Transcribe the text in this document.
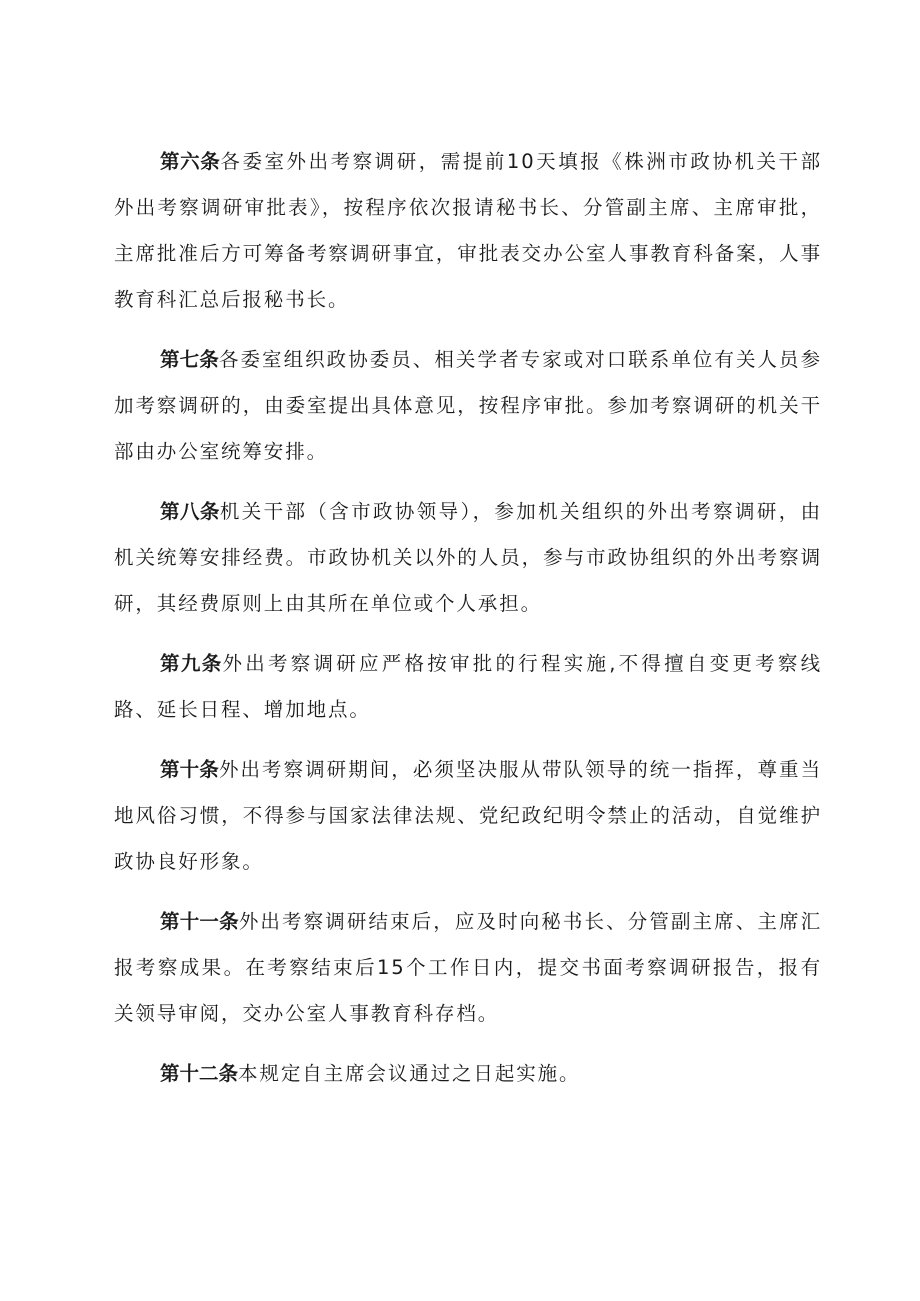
第六条各委室外出考察调研，需提前10天填报《株洲市政协机关干部外出考察调研审批表》，按程序依次报请秘书长、分管副主席、主席审批，主席批准后方可筹备考察调研事宜，审批表交办公室人事教育科备案，人事教育科汇总后报秘书长。

第七条各委室组织政协委员、相关学者专家或对口联系单位有关人员参加考察调研的，由委室提出具体意见，按程序审批。参加考察调研的机关干部由办公室统筹安排。

第八条机关干部（含市政协领导），参加机关组织的外出考察调研，由机关统筹安排经费。市政协机关以外的人员，参与市政协组织的外出考察调研，其经费原则上由其所在单位或个人承担。

第九条外出考察调研应严格按审批的行程实施,不得擅自变更考察线路、延长日程、增加地点。

第十条外出考察调研期间，必须坚决服从带队领导的统一指挥，尊重当地风俗习惯，不得参与国家法律法规、党纪政纪明令禁止的活动，自觉维护政协良好形象。

第十一条外出考察调研结束后，应及时向秘书长、分管副主席、主席汇报考察成果。在考察结束后15个工作日内，提交书面考察调研报告，报有关领导审阅，交办公室人事教育科存档。

第十二条本规定自主席会议通过之日起实施。
